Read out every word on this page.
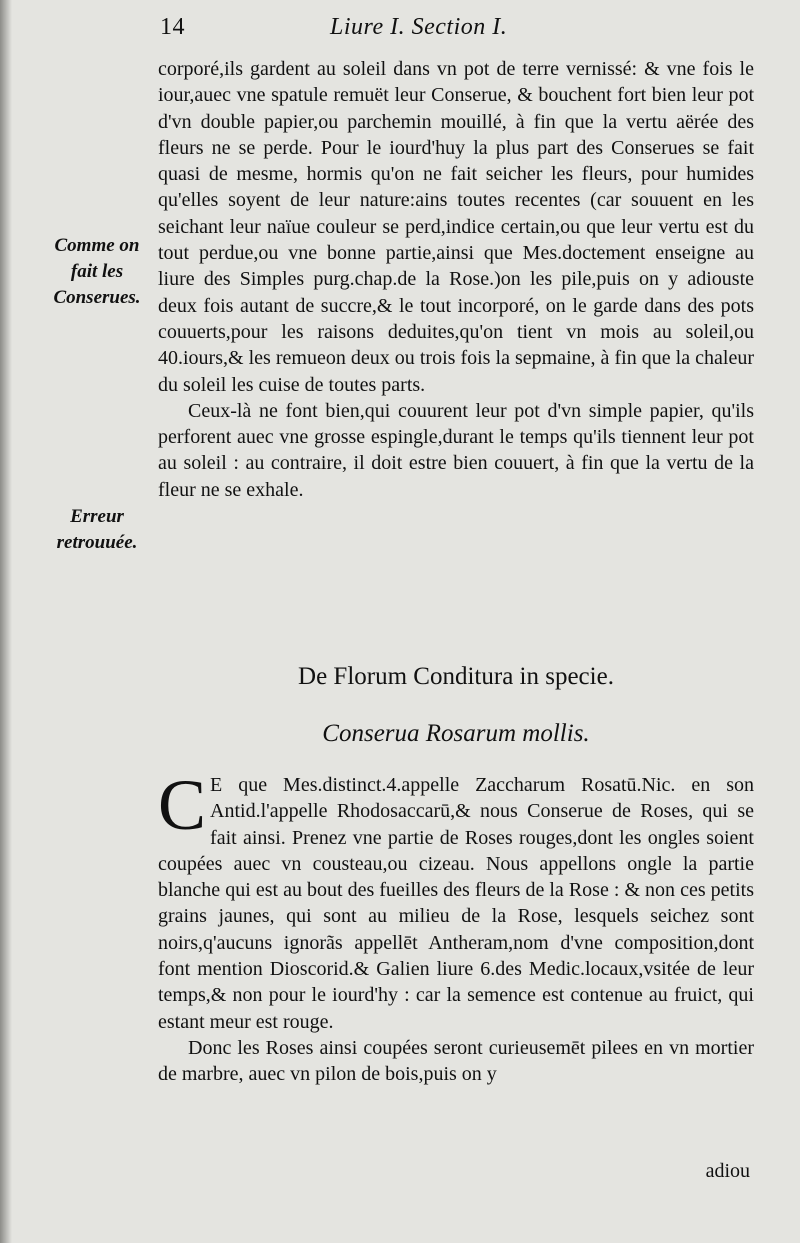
14	Liure I. Section I.
Comme on fait les Conserues.
Erreur retrouuée.

corporé,ils gardent au soleil dans vn pot de terre vernissé: & vne fois le iour,auec vne spatule remuët leur Conserue, & bouchent fort bien leur pot d'vn double papier,ou parchemin mouillé, à fin que la vertu aërée des fleurs ne se perde. Pour le iourd'huy la plus part des Conserues se fait quasi de mesme, hormis qu'on ne fait seicher les fleurs, pour humides qu'elles soyent de leur nature:ains toutes recentes (car souuent en les seichant leur naïue couleur se perd,indice certain,ou que leur vertu est du tout perdue,ou vne bonne partie,ainsi que Mes.doctement enseigne au liure des Simples purg.chap.de la Rose.)on les pile,puis on y adiouste deux fois autant de succre,& le tout incorporé, on le garde dans des pots couuerts,pour les raisons deduites,qu'on tient vn mois au soleil,ou 40.iours,& les remueon deux ou trois fois la sepmaine, à fin que la chaleur du soleil les cuise de toutes parts.

Ceux-là ne font bien,qui couurent leur pot d'vn simple papier, qu'ils perforent auec vne grosse espingle,durant le temps qu'ils tiennent leur pot au soleil : au contraire, il doit estre bien couuert, à fin que la vertu de la fleur ne se exhale.

De Florum Conditura in specie.
Conserua Rosarum mollis.

C E que Mes.distinct.4.appelle Zaccharum Rosatū.Nic. en son Antid.l'appelle Rhodosaccarū,& nous Conserue de Roses, qui se fait ainsi. Prenez vne partie de Roses rouges,dont les ongles soient coupées auec vn cousteau,ou cizeau. Nous appellons ongle la partie blanche qui est au bout des fueilles des fleurs de la Rose : & non ces petits grains jaunes, qui sont au milieu de la Rose, lesquels seichez sont noirs,q'aucuns ignorãs appellēt Antheram,nom d'vne composition,dont font mention Dioscorid.& Galien liure 6.des Medic.locaux,vsitée de leur temps,& non pour le iourd'hy : car la semence est contenue au fruict, qui estant meur est rouge.

Donc les Roses ainsi coupées seront curieusemēt pilees en vn mortier de marbre, auec vn pilon de bois,puis on y

adiou
